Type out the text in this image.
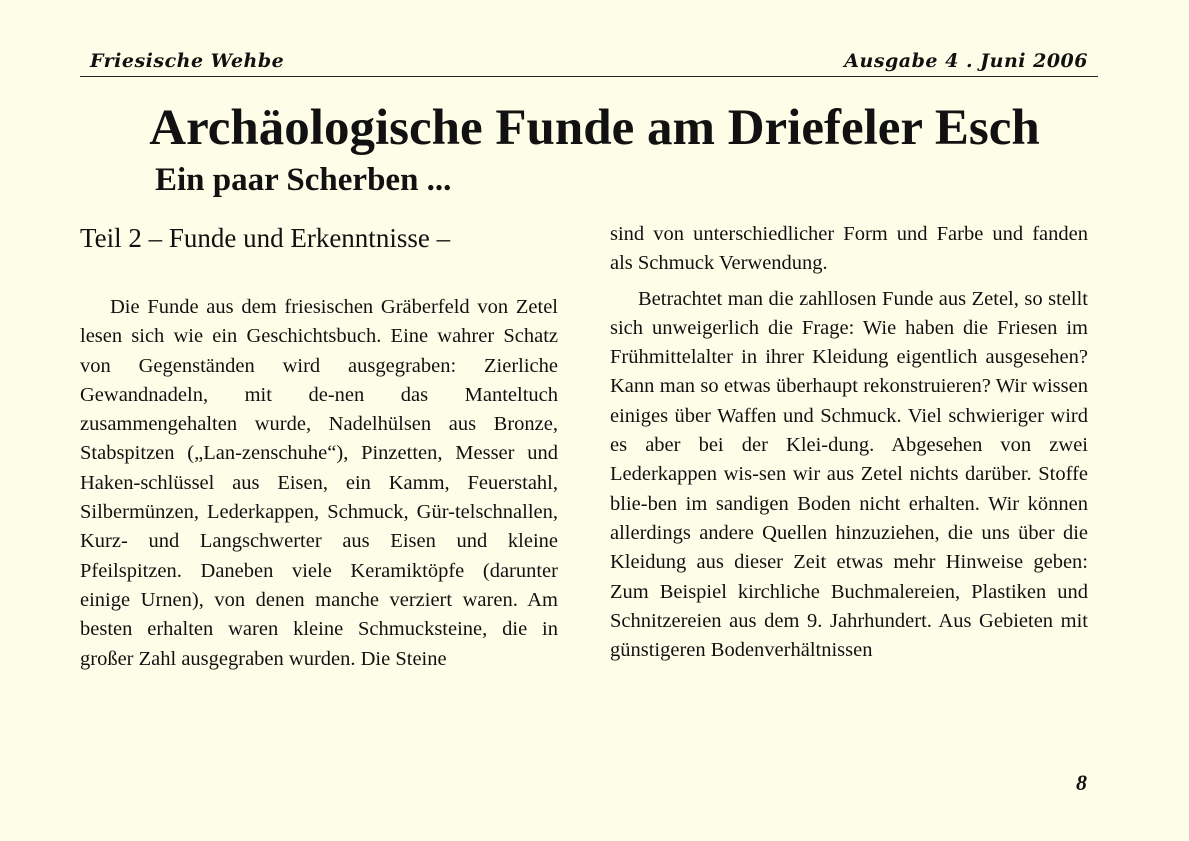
Friesische Wehbe	Ausgabe 4 . Juni 2006
Archäologische Funde am Driefeler Esch
Ein paar Scherben ...
Teil 2 – Funde und Erkenntnisse –

Die Funde aus dem friesischen Gräberfeld von Zetel lesen sich wie ein Geschichtsbuch. Eine wahrer Schatz von Gegenständen wird ausgegraben: Zierliche Gewandnadeln, mit de-nen das Manteltuch zusammengehalten wurde, Nadelhülsen aus Bronze, Stabspitzen („Lan-zenschuhe“), Pinzetten, Messer und Haken-schlüssel aus Eisen, ein Kamm, Feuerstahl, Silbermünzen, Lederkappen, Schmuck, Gür-telschnallen, Kurz- und Langschwerter aus Eisen und kleine Pfeilspitzen. Daneben viele Keramiktöpfe (darunter einige Urnen), von denen manche verziert waren. Am besten erhalten waren kleine Schmucksteine, die in großer Zahl ausgegraben wurden. Die Steine

sind von unterschiedlicher Form und Farbe und fanden als Schmuck Verwendung.

Betrachtet man die zahllosen Funde aus Zetel, so stellt sich unweigerlich die Frage: Wie haben die Friesen im Frühmittelalter in ihrer Kleidung eigentlich ausgesehen? Kann man so etwas überhaupt rekonstruieren? Wir wissen einiges über Waffen und Schmuck. Viel schwieriger wird es aber bei der Klei-dung. Abgesehen von zwei Lederkappen wis-sen wir aus Zetel nichts darüber. Stoffe blie-ben im sandigen Boden nicht erhalten. Wir können allerdings andere Quellen hinzuziehen, die uns über die Kleidung aus dieser Zeit etwas mehr Hinweise geben: Zum Beispiel kirchliche Buchmalereien, Plastiken und Schnitzereien aus dem 9. Jahrhundert. Aus Gebieten mit günstigeren Bodenverhältnissen

8
